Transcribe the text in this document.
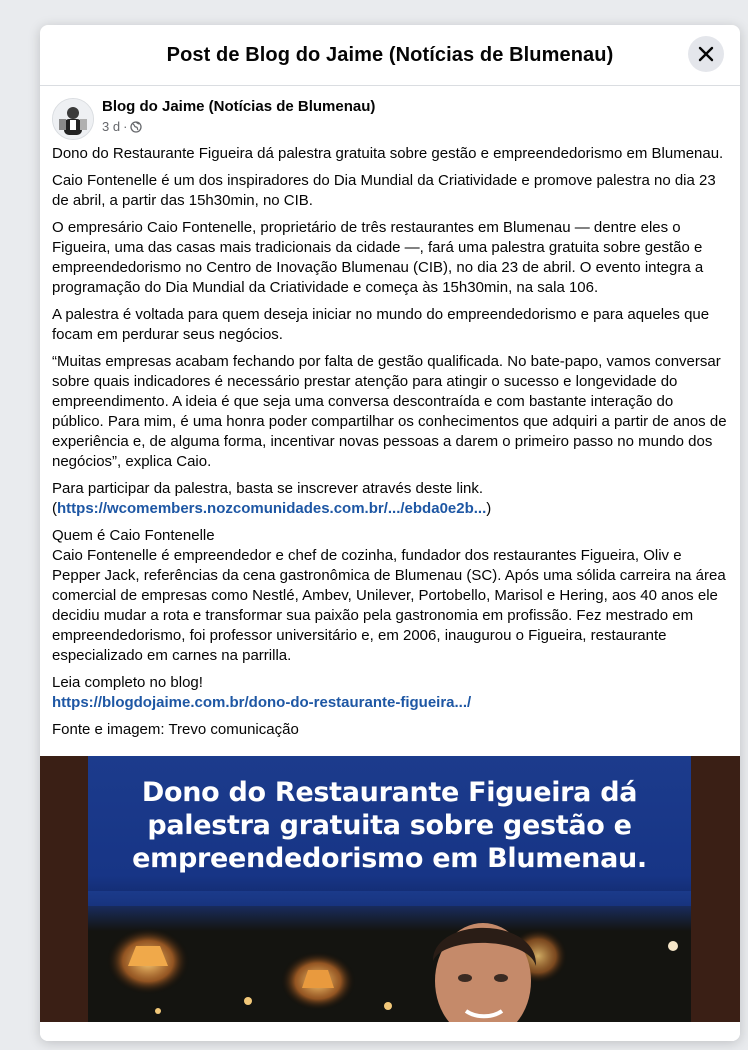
Post de Blog do Jaime (Notícias de Blumenau)
Blog do Jaime (Notícias de Blumenau)
3 d ·

Dono do Restaurante Figueira dá palestra gratuita sobre gestão e empreendedorismo em Blumenau.

Caio Fontenelle é um dos inspiradores do Dia Mundial da Criatividade e promove palestra no dia 23 de abril, a partir das 15h30min, no CIB.

O empresário Caio Fontenelle, proprietário de três restaurantes em Blumenau — dentre eles o Figueira, uma das casas mais tradicionais da cidade —, fará uma palestra gratuita sobre gestão e empreendedorismo no Centro de Inovação Blumenau (CIB), no dia 23 de abril. O evento integra a programação do Dia Mundial da Criatividade e começa às 15h30min, na sala 106.

A palestra é voltada para quem deseja iniciar no mundo do empreendedorismo e para aqueles que focam em perdurar seus negócios.

“Muitas empresas acabam fechando por falta de gestão qualificada. No bate-papo, vamos conversar sobre quais indicadores é necessário prestar atenção para atingir o sucesso e longevidade do empreendimento. A ideia é que seja uma conversa descontraída e com bastante interação do público. Para mim, é uma honra poder compartilhar os conhecimentos que adquiri a partir de anos de experiência e, de alguma forma, incentivar novas pessoas a darem o primeiro passo no mundo dos negócios”, explica Caio.

Para participar da palestra, basta se inscrever através deste link.
(https://wcomembers.nozcomunidades.com.br/.../ebda0e2b...)

Quem é Caio Fontenelle
Caio Fontenelle é empreendedor e chef de cozinha, fundador dos restaurantes Figueira, Oliv e Pepper Jack, referências da cena gastronômica de Blumenau (SC). Após uma sólida carreira na área comercial de empresas como Nestlé, Ambev, Unilever, Portobello, Marisol e Hering, aos 40 anos ele decidiu mudar a rota e transformar sua paixão pela gastronomia em profissão. Fez mestrado em empreendedorismo, foi professor universitário e, em 2006, inaugurou o Figueira, restaurante especializado em carnes na parrilla.

Leia completo no blog!
https://blogdojaime.com.br/dono-do-restaurante-figueira.../

Fonte e imagem: Trevo comunicação

Dono do Restaurante Figueira dá
palestra gratuita sobre gestão e
empreendedorismo em Blumenau.
